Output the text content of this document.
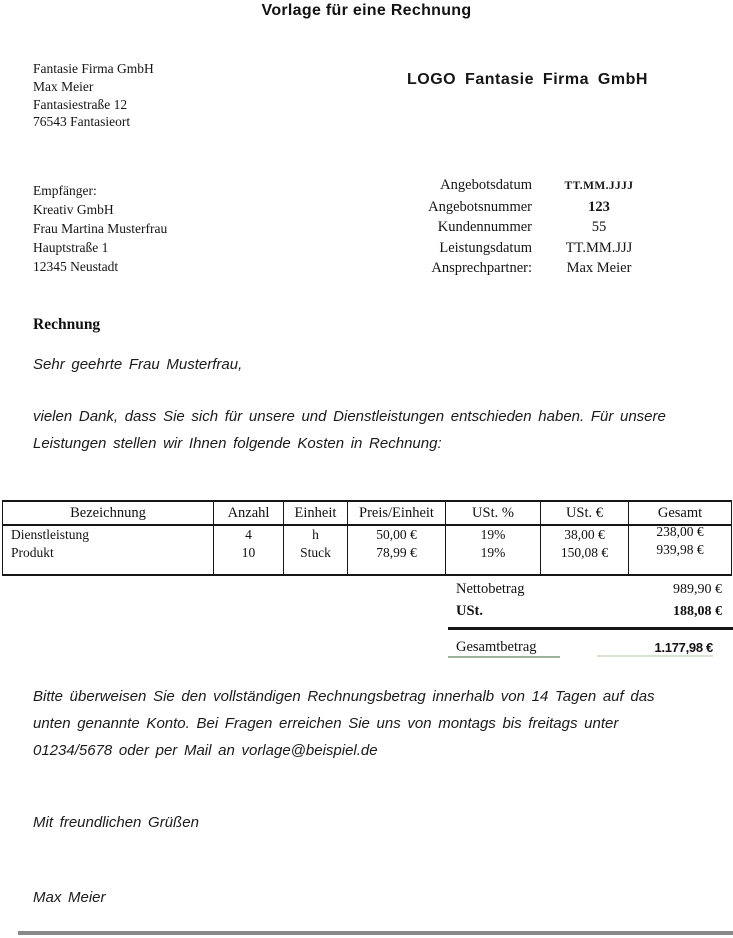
Vorlage für eine Rechnung
Fantasie Firma GmbH
Max Meier
Fantasiestraße 12
76543 Fantasieort
LOGO Fantasie Firma GmbH
Empfänger:
Kreativ GmbH
Frau Martina Musterfrau
Hauptstraße 1
12345 Neustadt
Angebotsdatum	TT.MM.JJJJ
Angebotsnummer	123
Kundennummer	55
Leistungsdatum	TT.MM.JJJ
Ansprechpartner:	Max Meier
Rechnung
Sehr geehrte Frau Musterfrau,
vielen Dank, dass Sie sich für unsere und Dienstleistungen entschieden haben. Für unsere
Leistungen stellen wir Ihnen folgende Kosten in Rechnung:
Bezeichnung	Anzahl	Einheit	Preis/Einheit	USt. %	USt. €	Gesamt
Dienstleistung	4	h	50,00 €	19%	38,00 €	238,00 €
Produkt	10	Stuck	78,99 €	19%	150,08 €	939,98 €

Nettobetrag	989,90 €
USt.	188,08 €
Gesamtbetrag	1.177,98 €
Bitte überweisen Sie den vollständigen Rechnungsbetrag innerhalb von 14 Tagen auf das
unten genannte Konto. Bei Fragen erreichen Sie uns von montags bis freitags unter
01234/5678 oder per Mail an vorlage@beispiel.de
Mit freundlichen Grüßen
Max Meier
